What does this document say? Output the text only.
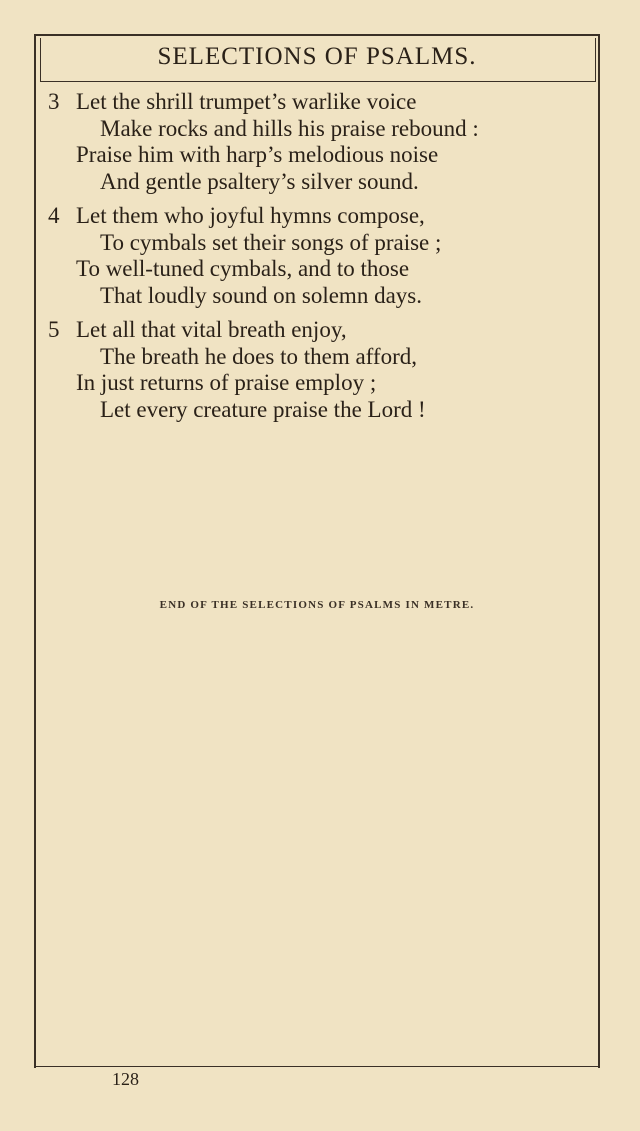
SELECTIONS OF PSALMS.
3 Let the shrill trumpet’s warlike voice
Make rocks and hills his praise rebound :
Praise him with harp’s melodious noise
And gentle psaltery’s silver sound.
4 Let them who joyful hymns compose,
To cymbals set their songs of praise ;
To well-tuned cymbals, and to those
That loudly sound on solemn days.
5 Let all that vital breath enjoy,
The breath he does to them afford,
In just returns of praise employ ;
Let every creature praise the Lord !
END OF THE SELECTIONS OF PSALMS IN METRE.
128
